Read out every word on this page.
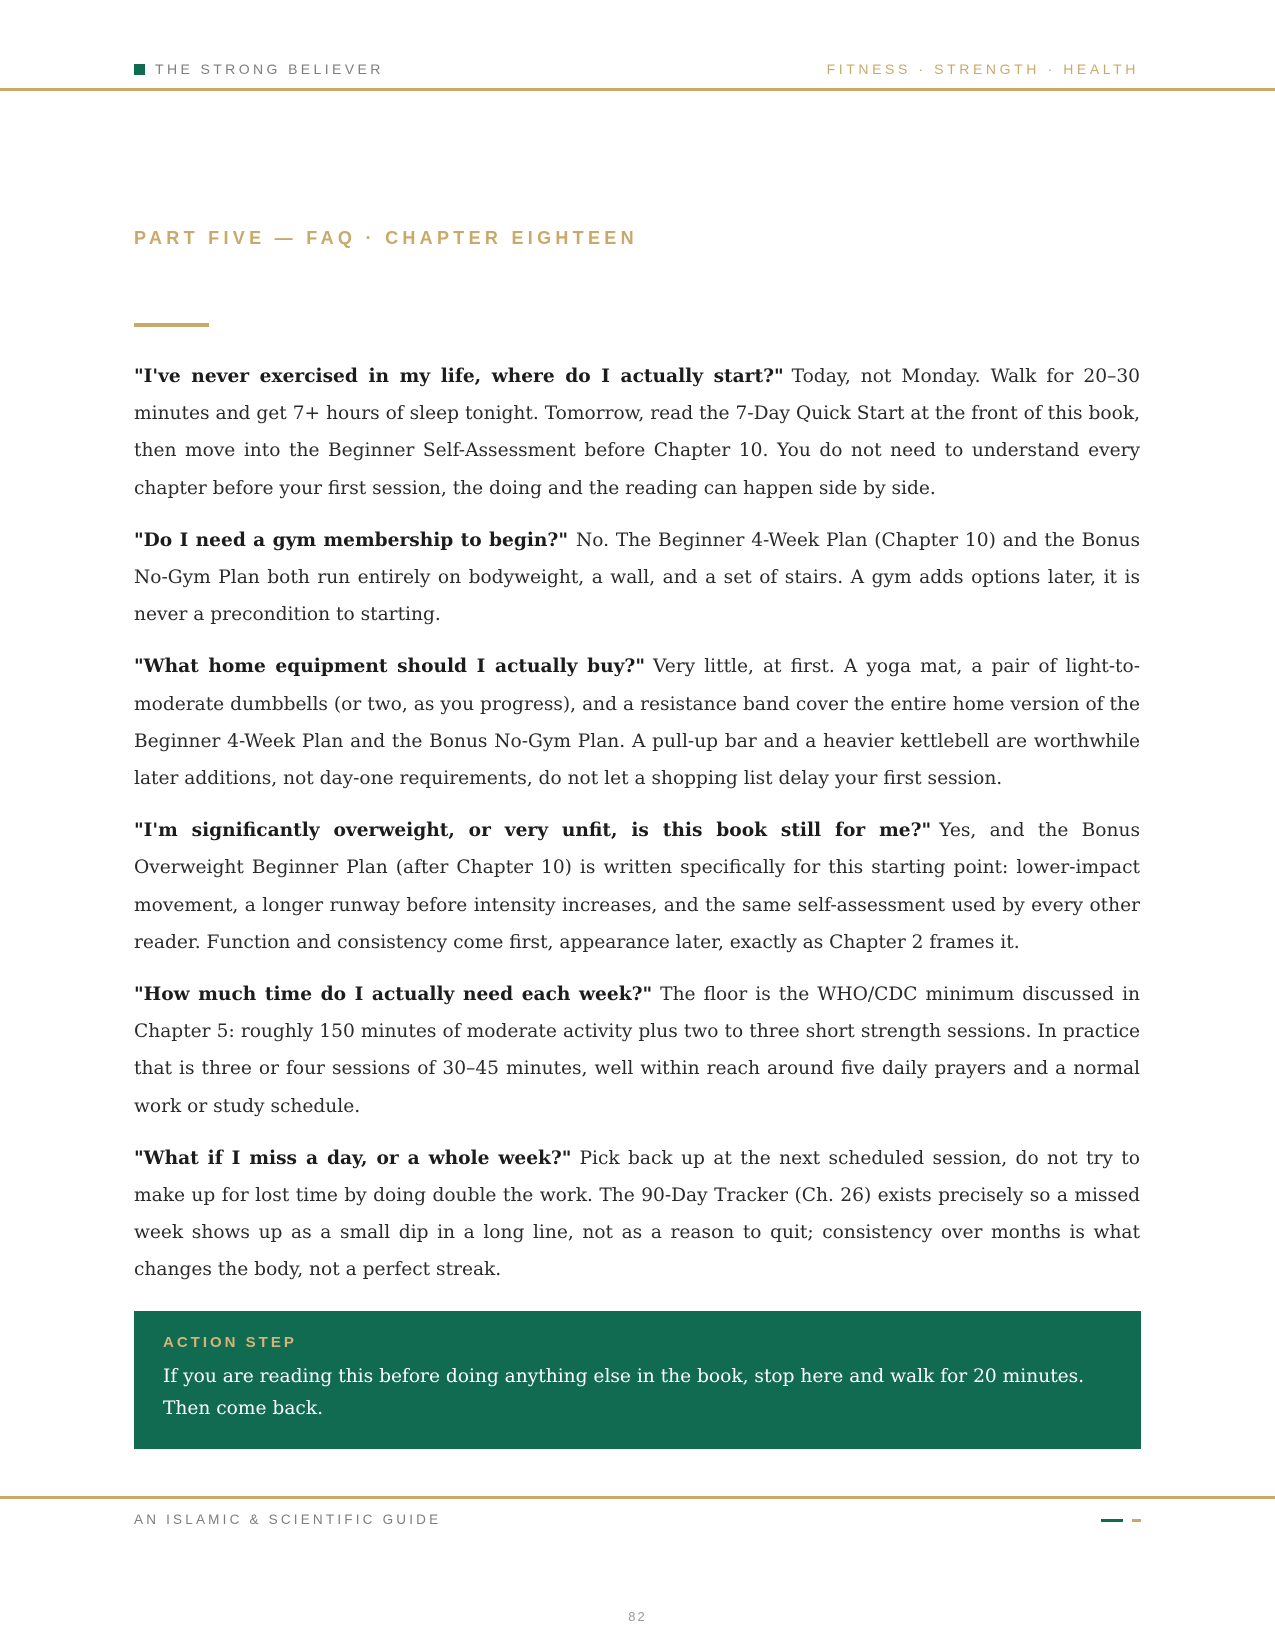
THE STRONG BELIEVER	FITNESS · STRENGTH · HEALTH
PART FIVE — FAQ · CHAPTER EIGHTEEN

"I've never exercised in my life, where do I actually start?" Today, not Monday. Walk for 20–30 minutes and get 7+ hours of sleep tonight. Tomorrow, read the 7-Day Quick Start at the front of this book, then move into the Beginner Self-Assessment before Chapter 10. You do not need to understand every chapter before your first session, the doing and the reading can happen side by side.

"Do I need a gym membership to begin?" No. The Beginner 4-Week Plan (Chapter 10) and the Bonus No-Gym Plan both run entirely on bodyweight, a wall, and a set of stairs. A gym adds options later, it is never a precondition to starting.

"What home equipment should I actually buy?" Very little, at first. A yoga mat, a pair of light-to-moderate dumbbells (or two, as you progress), and a resistance band cover the entire home version of the Beginner 4-Week Plan and the Bonus No-Gym Plan. A pull-up bar and a heavier kettlebell are worthwhile later additions, not day-one requirements, do not let a shopping list delay your first session.

"I'm significantly overweight, or very unfit, is this book still for me?" Yes, and the Bonus Overweight Beginner Plan (after Chapter 10) is written specifically for this starting point: lower-impact movement, a longer runway before intensity increases, and the same self-assessment used by every other reader. Function and consistency come first, appearance later, exactly as Chapter 2 frames it.

"How much time do I actually need each week?" The floor is the WHO/CDC minimum discussed in Chapter 5: roughly 150 minutes of moderate activity plus two to three short strength sessions. In practice that is three or four sessions of 30–45 minutes, well within reach around five daily prayers and a normal work or study schedule.

"What if I miss a day, or a whole week?" Pick back up at the next scheduled session, do not try to make up for lost time by doing double the work. The 90-Day Tracker (Ch. 26) exists precisely so a missed week shows up as a small dip in a long line, not as a reason to quit; consistency over months is what changes the body, not a perfect streak.

ACTION STEP
If you are reading this before doing anything else in the book, stop here and walk for 20 minutes. Then come back.
AN ISLAMIC & SCIENTIFIC GUIDE
82
